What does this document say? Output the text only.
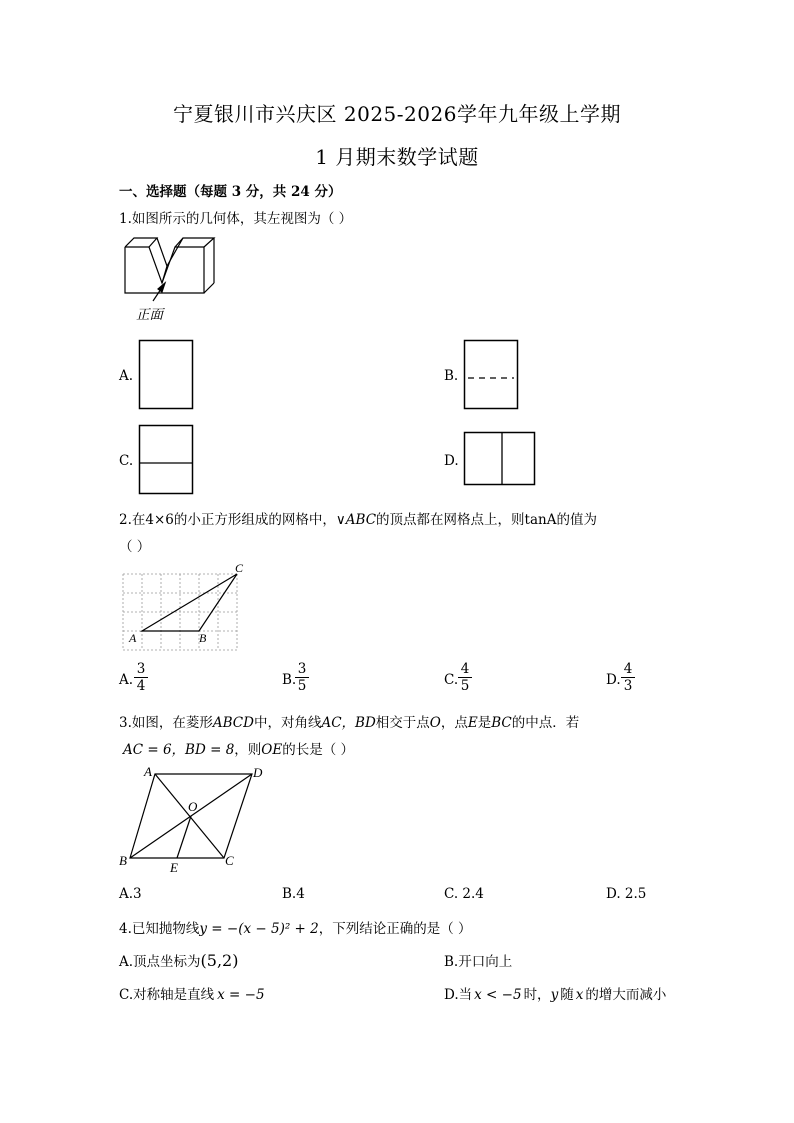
宁夏银川市兴庆区 2025-2026学年九年级上学期
1 月期末数学试题
一、选择题（每题 3 分，共 24 分）
1.如图所示的几何体，其左视图为（ ）
正面
A.	B.
C.	D.
2.在4×6的小正方形组成的网格中，∨ABC的顶点都在网格点上，则tanA的值为
（ ）
A	B
C
A. $\frac{3}{4}$	B.
$\frac{3}{5}$	C. $\frac{4}{5}$	D. $\frac{4}{3}$
3.如图，在菱形ABCD中，对角线AC，BD相交于点O，点E是BC的中点．若
AC = 6，BD = 8，则OE的长是（ ）
A	D
O
B	E	C
A.3	B.4	C. 2.4	D. 2.5
4.已知抛物线y = −(x − 5)² + 2，下列结论正确的是（ ）
A.顶点坐标为(5,2)	B.开口向上
C.对称轴是直线 x = −5	D.当 x < −5 时，y 随 x 的增大而减小
